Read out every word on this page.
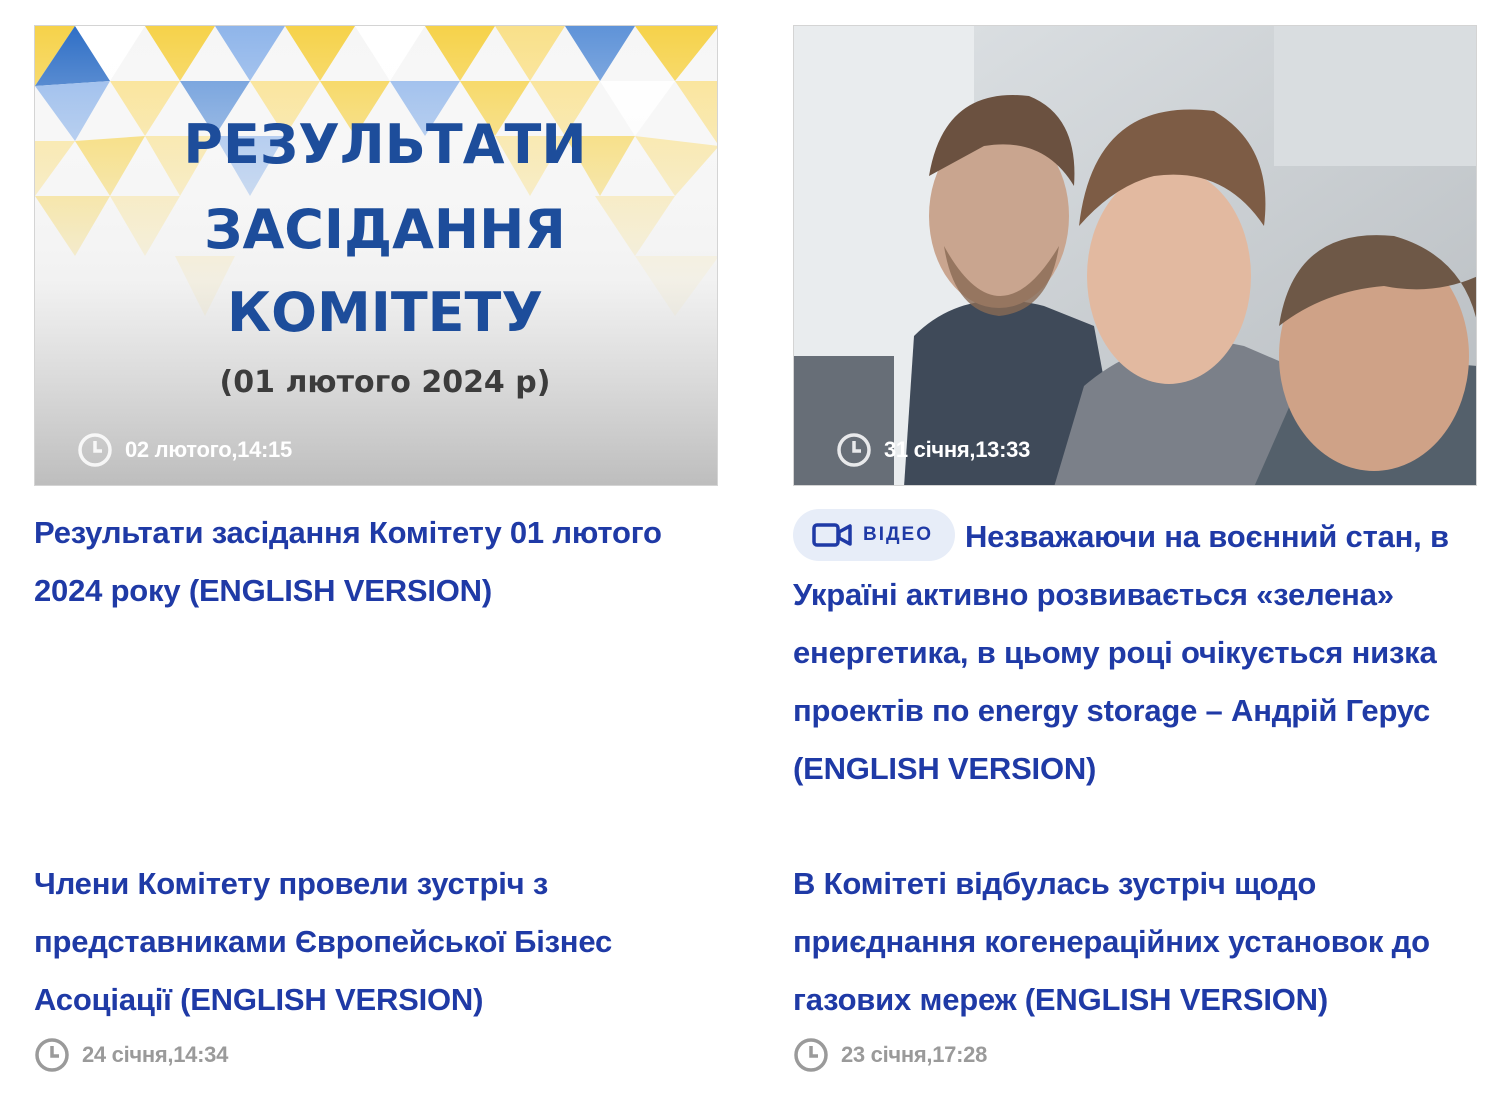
РЕЗУЛЬТАТИ
ЗАСІДАННЯ
КОМІТЕТУ
(01 лютого 2024 р)
02 лютого,14:15

Результати засідання Комітету 01 лютого 2024 року (ENGLISH VERSION)

31 січня,13:33

ВІДЕО Незважаючи на воєнний стан, в Україні активно розвивається «зелена» енергетика, в цьому році очікується низка проектів по energy storage – Андрій Герус (ENGLISH VERSION)

Члени Комітету провели зустріч з представниками Європейської Бізнес Асоціації (ENGLISH VERSION)

24 січня,14:34

В Комітеті відбулась зустріч щодо приєднання когенераційних установок до газових мереж (ENGLISH VERSION)

23 січня,17:28
